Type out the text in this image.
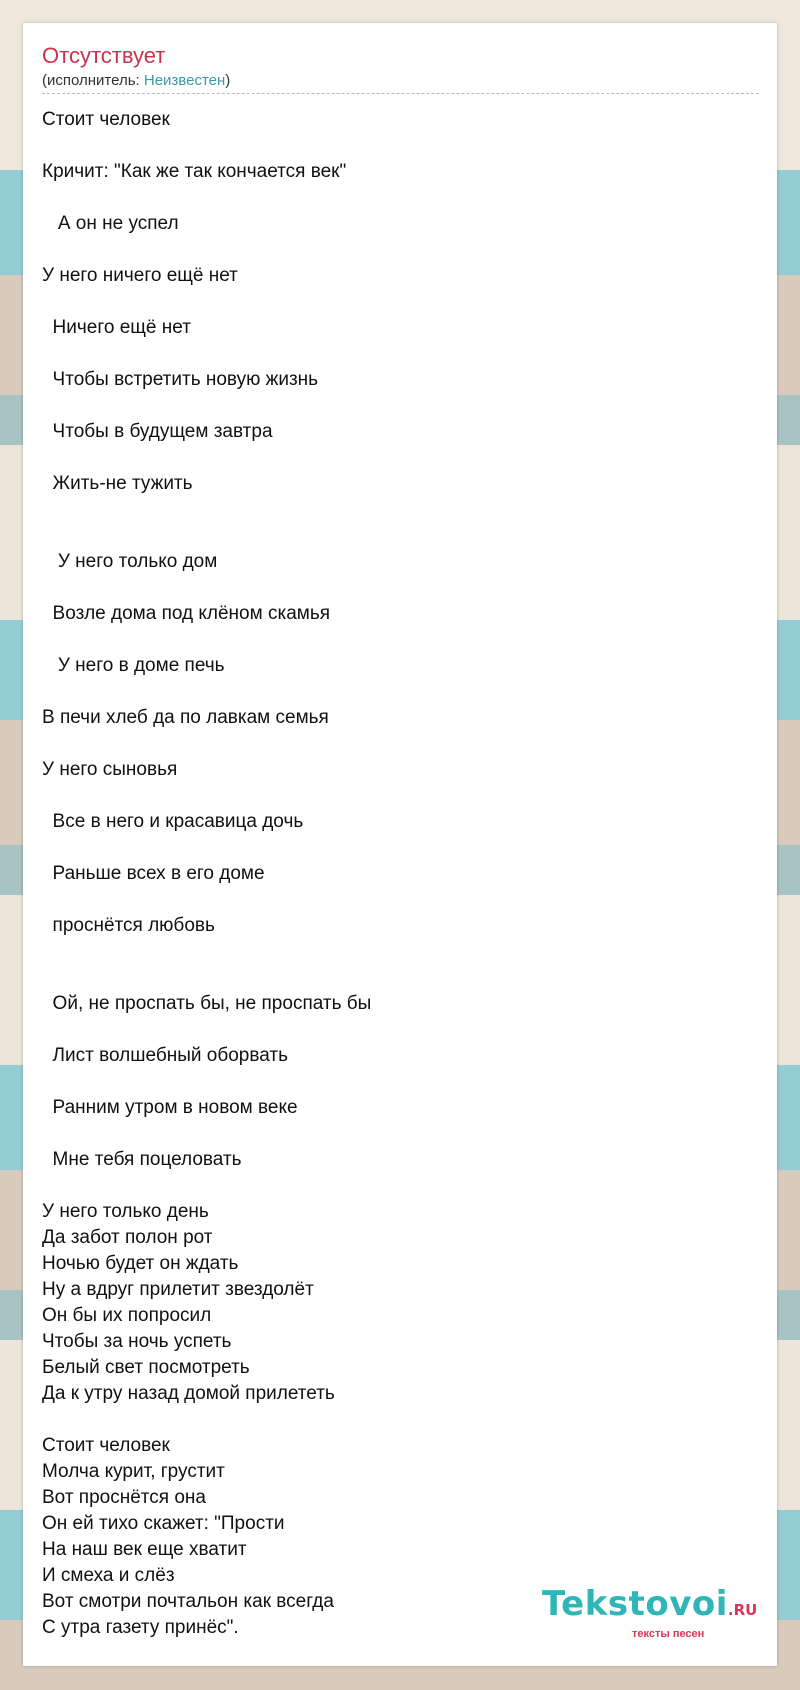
Отсутствует
(исполнитель: Неизвестен)
Стоит человек

Кричит: "Как же так кончается век"

А он не успел

У него ничего ещё нет

Ничего ещё нет

Чтобы встретить новую жизнь

Чтобы в будущем завтра

Жить-не тужить

У него только дом

Возле дома под клёном скамья

У него в доме печь

В печи хлеб да по лавкам семья

У него сыновья

Все в него и красавица дочь

Раньше всех в его доме

проснётся любовь

Ой, не проспать бы, не проспать бы

Лист волшебный оборвать

Ранним утром в новом веке

Мне тебя поцеловать

У него только день
Да забот полон рот
Ночью будет он ждать
Ну а вдруг прилетит звездолёт
Он бы их попросил
Чтобы за ночь успеть
Белый свет посмотреть
Да к утру назад домой прилететь

Стоит человек
Молча курит, грустит
Вот проснётся она
Он ей тихо скажет: "Прости
На наш век еще хватит
И смеха и слёз
Вот смотри почтальон как всегда
С утра газету принёс".
Tekstovoi.RU
тексты песен
